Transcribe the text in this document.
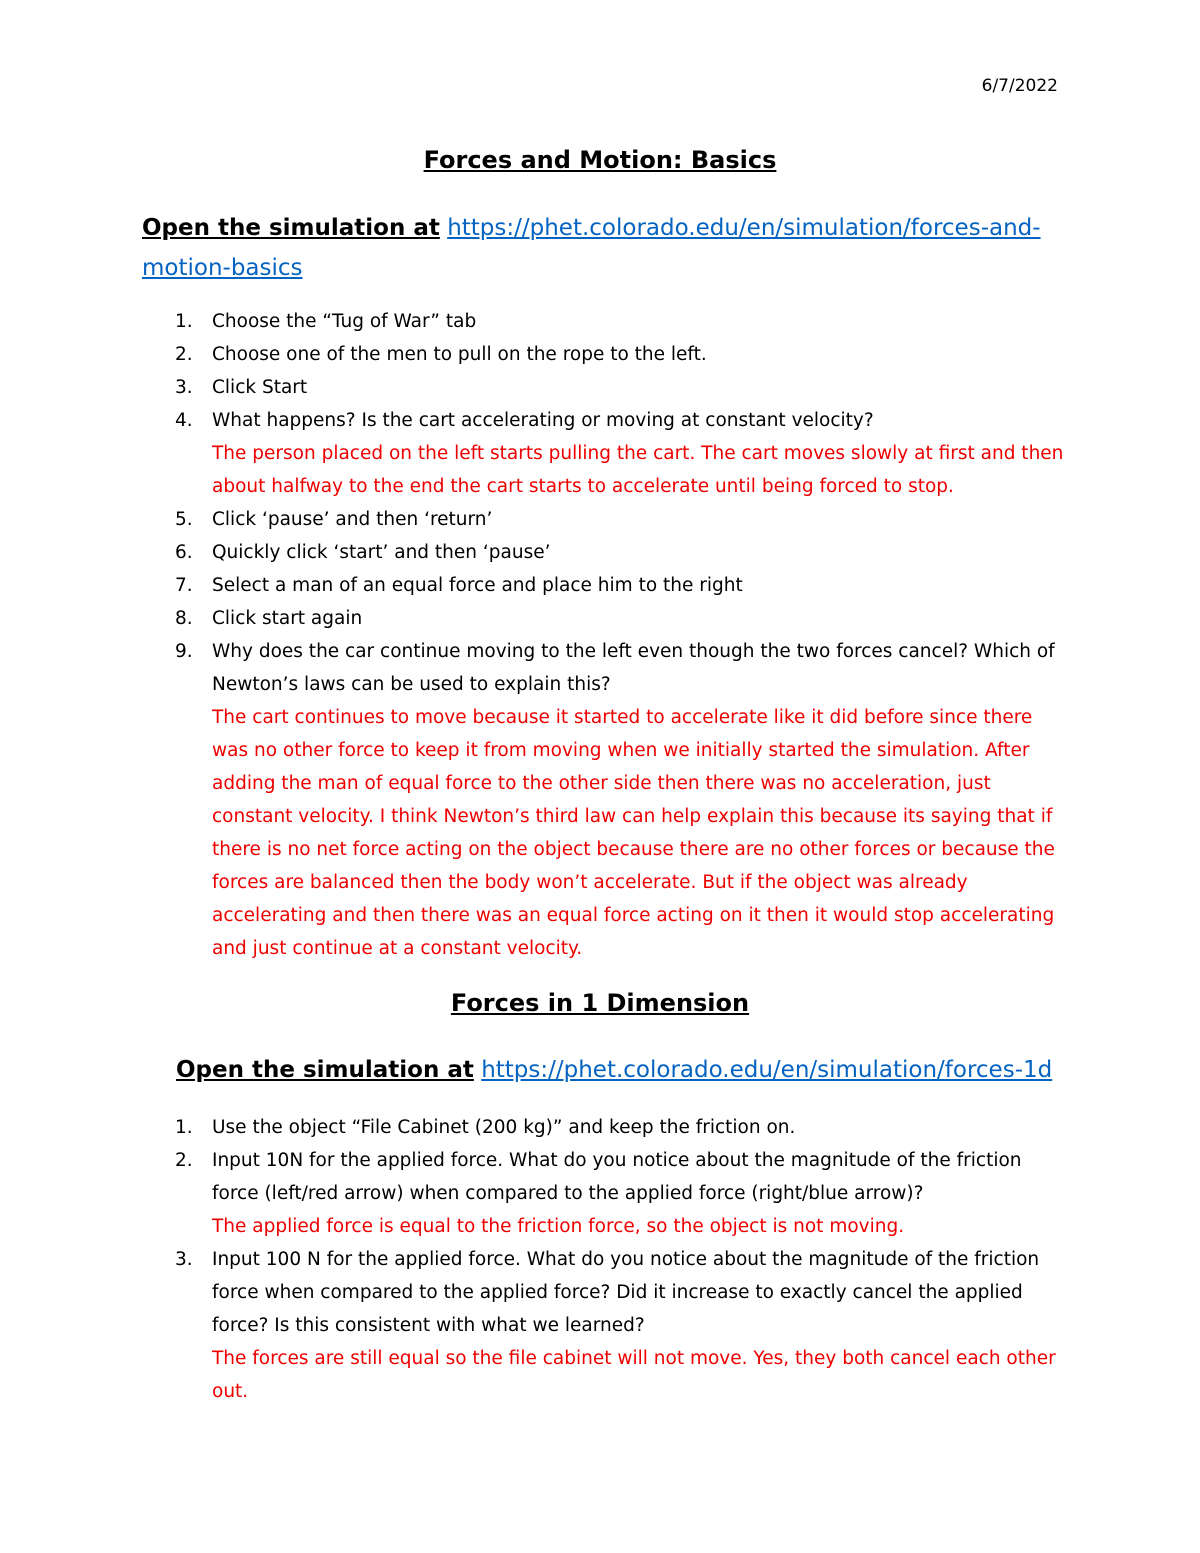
6/7/2022
Forces and Motion: Basics
Open the simulation at https://phet.colorado.edu/en/simulation/forces-and-motion-basics
1. Choose the “Tug of War” tab
2. Choose one of the men to pull on the rope to the left.
3. Click Start
4. What happens? Is the cart accelerating or moving at constant velocity?
The person placed on the left starts pulling the cart. The cart moves slowly at first and then about halfway to the end the cart starts to accelerate until being forced to stop.
5. Click ‘pause’ and then ‘return’
6. Quickly click ‘start’ and then ‘pause’
7. Select a man of an equal force and place him to the right
8. Click start again
9. Why does the car continue moving to the left even though the two forces cancel? Which of Newton’s laws can be used to explain this?
The cart continues to move because it started to accelerate like it did before since there was no other force to keep it from moving when we initially started the simulation. After adding the man of equal force to the other side then there was no acceleration, just constant velocity. I think Newton’s third law can help explain this because its saying that if there is no net force acting on the object because there are no other forces or because the forces are balanced then the body won’t accelerate. But if the object was already accelerating and then there was an equal force acting on it then it would stop accelerating and just continue at a constant velocity.
Forces in 1 Dimension
Open the simulation at https://phet.colorado.edu/en/simulation/forces-1d
1. Use the object “File Cabinet (200 kg)” and keep the friction on.
2. Input 10N for the applied force. What do you notice about the magnitude of the friction force (left/red arrow) when compared to the applied force (right/blue arrow)?
The applied force is equal to the friction force, so the object is not moving.
3. Input 100 N for the applied force. What do you notice about the magnitude of the friction force when compared to the applied force? Did it increase to exactly cancel the applied force? Is this consistent with what we learned?
The forces are still equal so the file cabinet will not move. Yes, they both cancel each other out.
